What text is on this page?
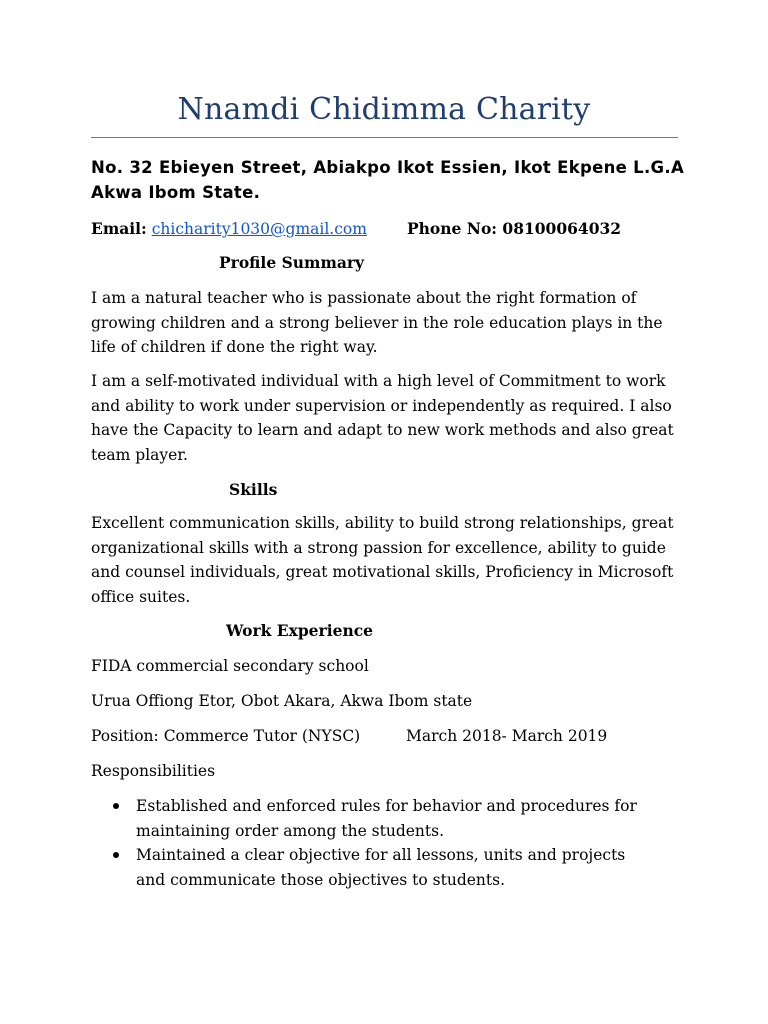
Nnamdi Chidimma Charity
No. 32 Ebieyen Street, Abiakpo Ikot Essien, Ikot Ekpene L.G.A Akwa Ibom State.
Email: chicharity1030@gmail.com	Phone No: 08100064032
Profile Summary
I am a natural teacher who is passionate about the right formation of growing children and a strong believer in the role education plays in the life of children if done the right way.
I am a self-motivated individual with a high level of Commitment to work and ability to work under supervision or independently as required. I also have the Capacity to learn and adapt to new work methods and also great team player.
Skills
Excellent communication skills, ability to build strong relationships, great organizational skills with a strong passion for excellence, ability to guide and counsel individuals, great motivational skills, Proficiency in Microsoft office suites.
Work Experience
FIDA commercial secondary school
Urua Offiong Etor, Obot Akara, Akwa Ibom state
Position: Commerce Tutor (NYSC)	March 2018- March 2019
Responsibilities
Established and enforced rules for behavior and procedures for maintaining order among the students.
Maintained a clear objective for all lessons, units and projects and communicate those objectives to students.
